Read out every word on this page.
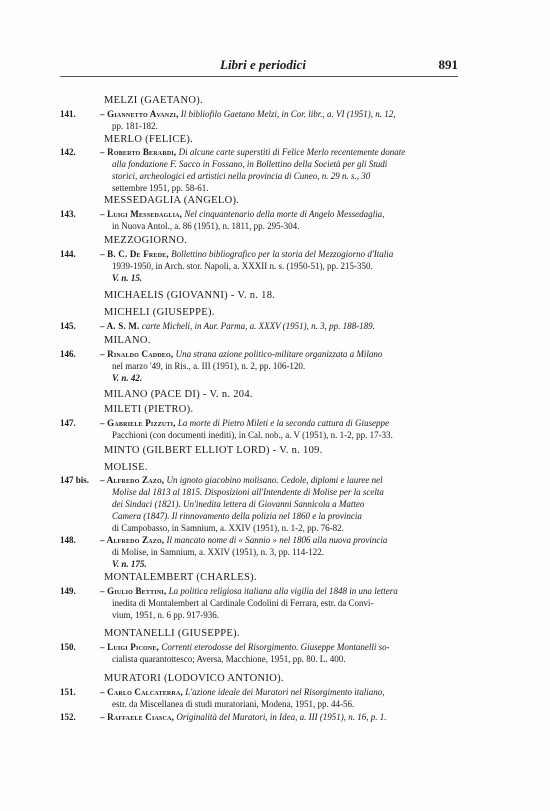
Libri e periodici	891
MELZI (GAETANO).
141.	– Giannetto Avanzi, Il bibliofilo Gaetano Melzi, in Cor. libr., a. VI (1951), n. 12,
pp. 181-182.
MERLO (FELICE).
142.	– Roberto Berardi, Di alcune carte superstiti di Felice Merlo recentemente donate
alla fondazione F. Sacco in Fossano, in Bollettino della Società per gli Studi
storici, archeologici ed artistici nella provincia di Cuneo, n. 29 n. s., 30
settembre 1951, pp. 58-61.
MESSEDAGLIA (ANGELO).
143.	– Luigi Messedaglia, Nel cinquantenario della morte di Angelo Messedaglia,
in Nuova Antol., a. 86 (1951), n. 1811, pp. 295-304.
MEZZOGIORNO.
144.	– B. C. De Frede, Bollettino bibliografico per la storia del Mezzogiorno d'Italia
1939-1950, in Arch. stor. Napoli, a. XXXII n. s. (1950-51), pp. 215-350.
V. n. 15.
MICHAELIS (GIOVANNI) - V. n. 18.
MICHELI (GIUSEPPE).
145.	– A. S. M. carte Micheli, in Aur. Parma, a. XXXV (1951), n. 3, pp. 188-189.
MILANO.
146.	– Rinaldo Caddeo, Una strana azione politico-militare organizzata a Milano
nel marzo '49, in Ris., a. III (1951), n. 2, pp. 106-120.
V. n. 42.
MILANO (PACE DI) - V. n. 204.
MILETI (PIETRO).
147.	– Gabriele Pizzuti, La morte di Pietro Mileti e la seconda cattura di Giuseppe
Pacchioni (con documenti inediti), in Cal. nob., a. V (1951), n. 1-2, pp. 17-33.
MINTO (GILBERT ELLIOT LORD) - V. n. 109.
MOLISE.
147 bis. – Alfredo Zazo, Un ignoto giacobino molisano. Cedole, diplomi e lauree nel
Molise dal 1813 al 1815. Disposizioni all'Intendente di Molise per la scelta
dei Sindaci (1821). Un'inedita lettera di Giovanni Sannicola a Matteo
Camera (1847). Il rinnovamento della polizia nel 1860 e la provincia
di Campobasso, in Samnium, a. XXIV (1951), n. 1-2, pp. 76-82.
148.	– Alfredo Zazo, Il mancato nome di « Sannio » nel 1806 alla nuova provincia
di Molise, in Samnium, a. XXIV (1951), n. 3, pp. 114-122.
V. n. 175.
MONTALEMBERT (CHARLES).
149.	– Giulio Bettini, La politica religiosa italiana alla vigilia del 1848 in una lettera
inedita di Montalembert al Cardinale Codolini di Ferrara, estr. da Convi-
vium, 1951, n. 6 pp. 917-936.
MONTANELLI (GIUSEPPE).
150.	– Luigi Picone, Correnti eterodosse del Risorgimento. Giuseppe Montanelli so-
cialista quarantottesco; Aversa, Macchione, 1951, pp. 80. L. 400.
MURATORI (LODOVICO ANTONIO).
151.	– Carlo Calcaterra, L'azione ideale dei Muratori nel Risorgimento italiano,
estr. da Miscellanea di studi muratoriani, Modena, 1951, pp. 44-56.
152.	– Raffaele Ciasca, Originalità del Muratori, in Idea, a. III (1951), n. 16, p. 1.
